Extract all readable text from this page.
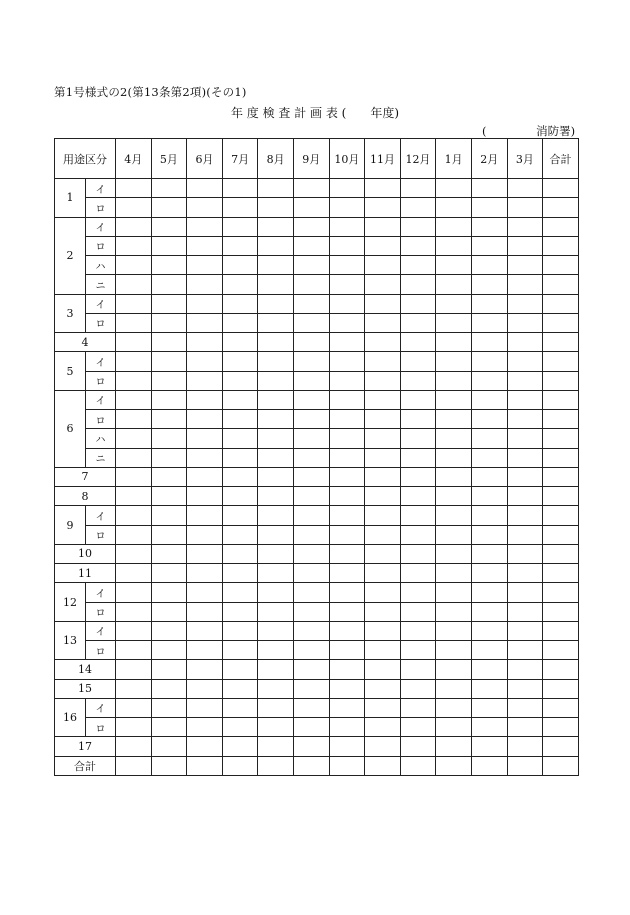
第1号様式の2(第13条第2項)(その1)
年 度 検 査 計 画 表 (　　年度)
(　　　　 消防署)
用途区分		4月	5月	6月	7月	8月	9月	10月	11月	12月	1月	2月	3月	合計
1	イ													
	ロ													
2	イ													
	ロ													
	ハ													
	ニ													
3	イ													
	ロ													
4														
5	イ													
	ロ													
6	イ													
	ロ													
	ハ													
	ニ													
7														
8														
9	イ													
	ロ													
10														
11														
12	イ													
	ロ													
13	イ													
	ロ													
14														
15														
16	イ													
	ロ													
17														
合計														
